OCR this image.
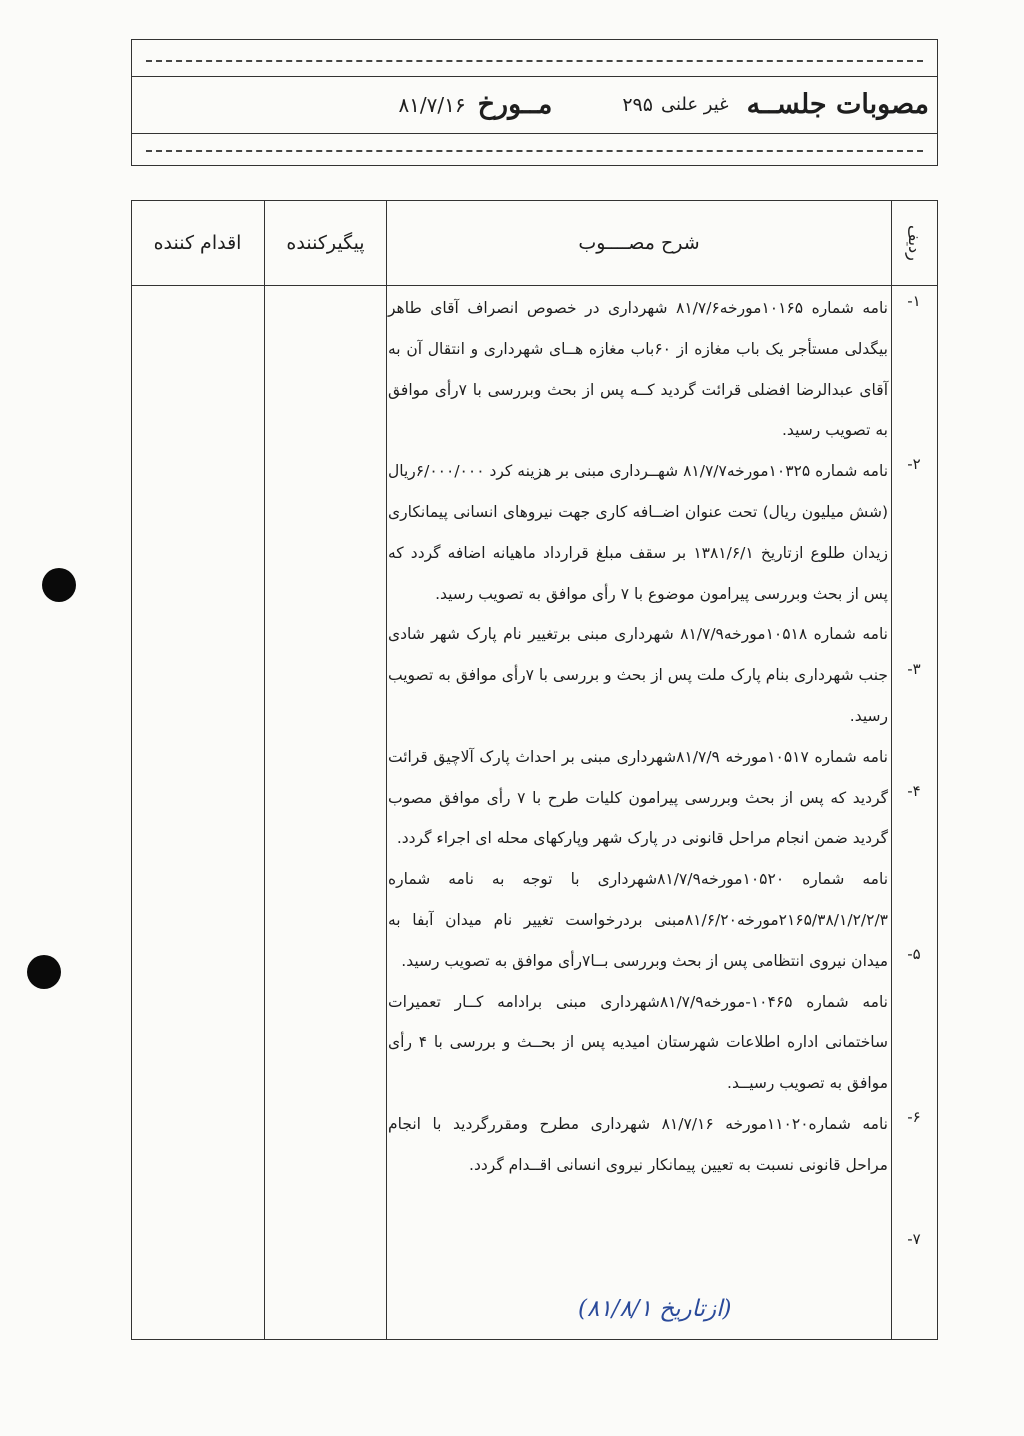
مصوبات جلســه
غیر علنی
۲۹۵
مــورخ
۸۱/۷/۱۶
ردیف
شرح مصــــوب
پیگیرکننده
اقدام کننده
-۱
-۲
-۳
-۴
-۵
-۶
-۷
نامه شماره ۱۰۱۶۵مورخه۸۱/۷/۶ شهرداری در خصوص انصراف آقای طاهر بیگدلی مستأجر یک باب مغازه از ۶۰باب مغازه هــای شهرداری و انتقال آن به آقای عبدالرضا افضلی قرائت گردید کــه پس از بحث وبررسی با ۷رأی موافق به تصویب رسید.
نامه شماره ۱۰۳۲۵مورخه۸۱/۷/۷ شهــرداری مبنی بر هزینه کرد ۶/۰۰۰/۰۰۰ریال (شش میلیون ریال) تحت عنوان اضــافه کاری جهت نیروهای انسانی پیمانکاری زیدان طلوع ازتاریخ ۱۳۸۱/۶/۱ بر سقف مبلغ قرارداد ماهیانه اضافه گردد که پس از بحث وبررسی پیرامون موضوع با ۷ رأی موافق به تصویب رسید.
نامه شماره ۱۰۵۱۸مورخه۸۱/۷/۹ شهرداری مبنی برتغییر نام پارک شهر شادی جنب شهرداری بنام پارک ملت پس از بحث و بررسی با ۷رأی موافق به تصویب رسید.
نامه شماره ۱۰۵۱۷مورخه ۸۱/۷/۹شهرداری مبنی بر احداث پارک آلاچیق قرائت گردید که پس از بحث وبررسی پیرامون کلیات طرح با ۷ رأی موافق مصوب گردید ضمن انجام مراحل قانونی در پارک شهر وپارکهای محله ای اجراء گردد.
نامه شماره ۱۰۵۲۰مورخه۸۱/۷/۹شهرداری با توجه به نامه شماره ۲۱۶۵/۳۸/۱/۲/۲/۳مورخه۸۱/۶/۲۰مبنی بردرخواست تغییر نام میدان آبفا به میدان نیروی انتظامی پس از بحث وبررسی بــا۷رأی موافق به تصویب رسید.
نامه شماره ۱۰۴۶۵-مورخه۸۱/۷/۹شهرداری مبنی برادامه کــار تعمیرات ساختمانی اداره اطلاعات شهرستان امیدیه پس از بحــث و بررسی با ۴ رأی موافق به تصویب رسیــد.
نامه شماره۱۱۰۲۰مورخه ۸۱/۷/۱۶ شهرداری مطرح ومقررگردید با انجام مراحل قانونی نسبت به تعیین پیمانکار نیروی انسانی اقــدام گردد.
(ازتاریخ ۸۱/۸/۱)
